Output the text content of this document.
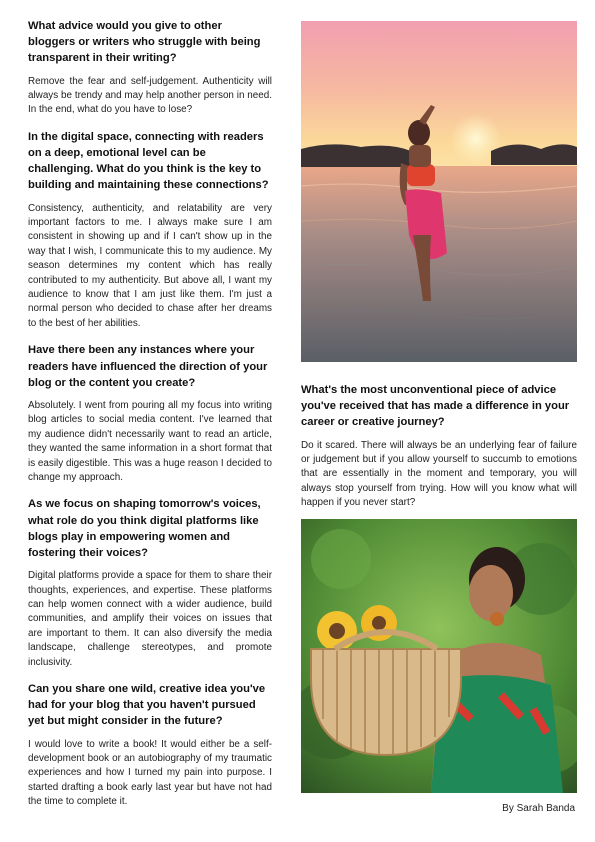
What advice would you give to other bloggers or writers who struggle with being transparent in their writing?

Remove the fear and self-judgement. Authenticity will always be trendy and may help another person in need. In the end, what do you have to lose?

In the digital space, connecting with readers on a deep, emotional level can be challenging. What do you think is the key to building and maintaining these connections?

Consistency, authenticity, and relatability are very important factors to me. I always make sure I am consistent in showing up and if I can't show up in the way that I wish, I communicate this to my audience. My season determines my content which has really contributed to my authenticity. But above all, I want my audience to know that I am just like them. I'm just a normal person who decided to chase after her dreams to the best of her abilities.

Have there been any instances where your readers have influenced the direction of your blog or the content you create?

Absolutely. I went from pouring all my focus into writing blog articles to social media content. I've learned that my audience didn't necessarily want to read an article, they wanted the same information in a short format that is easily digestible. This was a huge reason I decided to change my approach.

As we focus on shaping tomorrow's voices, what role do you think digital platforms like blogs play in empowering women and fostering their voices?

Digital platforms provide a space for them to share their thoughts, experiences, and expertise. These platforms can help women connect with a wider audience, build communities, and amplify their voices on issues that are important to them. It can also diversify the media landscape, challenge stereotypes, and promote inclusivity.

Can you share one wild, creative idea you've had for your blog that you haven't pursued yet but might consider in the future?

I would love to write a book! It would either be a self-development book or an autobiography of my traumatic experiences and how I turned my pain into purpose. I started drafting a book early last year but have not had the time to complete it.

What's the most unconventional piece of advice you've received that has made a difference in your career or creative journey?

Do it scared. There will always be an underlying fear of failure or judgement but if you allow yourself to succumb to emotions that are essentially in the moment and temporary, you will always stop yourself from trying. How will you know what will happen if you never start?

By Sarah Banda
